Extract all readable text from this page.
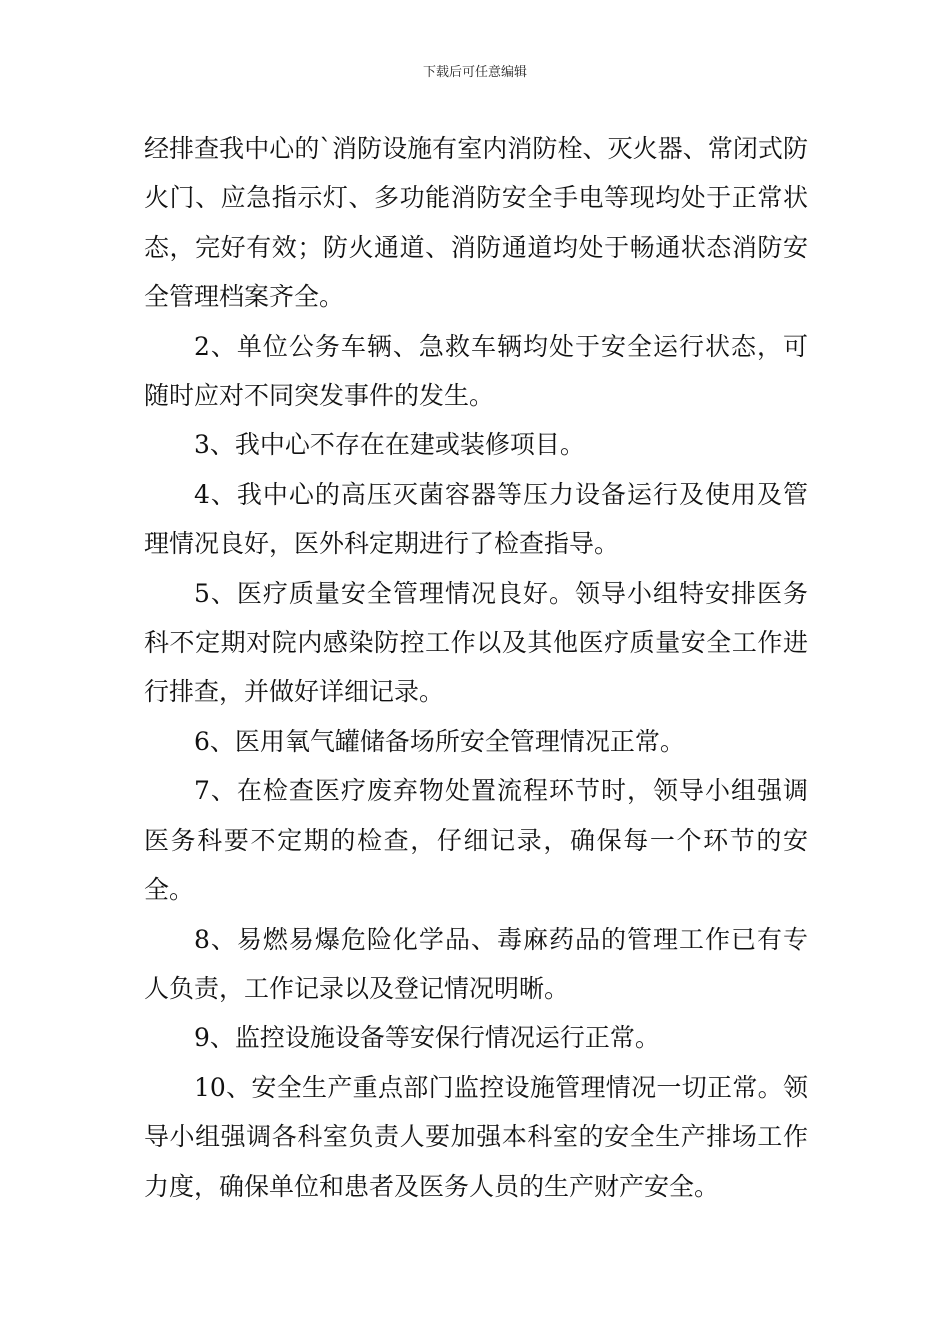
下载后可任意编辑

经排查我中心的`消防设施有室内消防栓、灭火器、常闭式防火门、应急指示灯、多功能消防安全手电等现均处于正常状态，完好有效；防火通道、消防通道均处于畅通状态消防安全管理档案齐全。

2、单位公务车辆、急救车辆均处于安全运行状态，可随时应对不同突发事件的发生。

3、我中心不存在在建或装修项目。

4、我中心的高压灭菌容器等压力设备运行及使用及管理情况良好，医外科定期进行了检查指导。

5、医疗质量安全管理情况良好。领导小组特安排医务科不定期对院内感染防控工作以及其他医疗质量安全工作进行排查，并做好详细记录。

6、医用氧气罐储备场所安全管理情况正常。

7、在检查医疗废弃物处置流程环节时，领导小组强调医务科要不定期的检查，仔细记录，确保每一个环节的安全。

8、易燃易爆危险化学品、毒麻药品的管理工作已有专人负责，工作记录以及登记情况明晰。

9、监控设施设备等安保行情况运行正常。

10、安全生产重点部门监控设施管理情况一切正常。领导小组强调各科室负责人要加强本科室的安全生产排场工作力度，确保单位和患者及医务人员的生产财产安全。
